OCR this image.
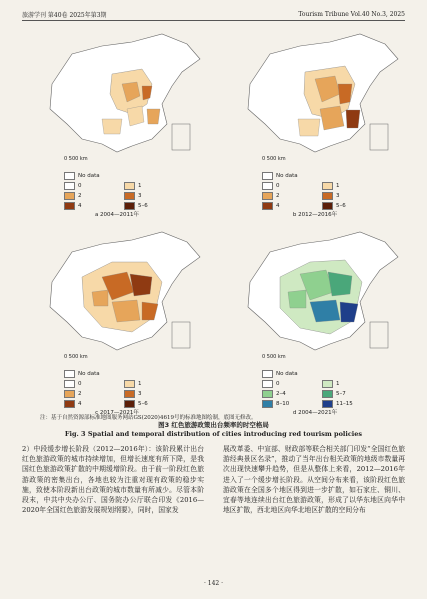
旅游学刊 第40卷 2025年第3期	Tourism Tribune Vol.40 No.3, 2025
0 500 km
No data
0	1
2	3
4	5–6
a 2004—2011年
0 500 km
No data
0	1
2	3
4	5–6
b 2012—2016年
0 500 km
No data
0	1
2	3
4	5–6
c 2017—2021年
0 500 km
No data
0	1
2–4	5–7
8–10	11–15
d 2004—2021年
注：基于自然资源部标准地图服务网站GS(2020)4619号的标准地图绘制，底图无修改。
图3 红色旅游政策出台频率的时空格局
Fig. 3 Spatial and temporal distribution of cities introducing red tourism policies
2）中段缓步增长阶段（2012—2016年）：该阶段累计出台红色旅游政策的城市持续增加，但增长速度有所下降，是我国红色旅游政策扩散的中期缓增阶段。由于前一阶段红色旅游政策的密集出台，各地也较为注重对现有政策的稳步实施，致使本阶段新出台政策的城市数量有所减少。尽管本阶段末，中共中央办公厅、国务院办公厅联合印发《2016—2020年全国红色旅游发展规划纲要》，同时，国家发
展改革委、中宣部、财政部等联合相关部门印发“全国红色旅游经典景区名录”，推动了当年出台相关政策的地级市数量再次出现快速攀升趋势，但是从整体上来看，2012—2016年进入了一个缓步增长阶段。从空间分布来看，该阶段红色旅游政策在全国多个地区得到进一步扩散，如石家庄、铜川、宜春等地连续出台红色旅游政策，形成了以华东地区向华中地区扩散，西北地区向华北地区扩散的空间分布
· 142 ·
